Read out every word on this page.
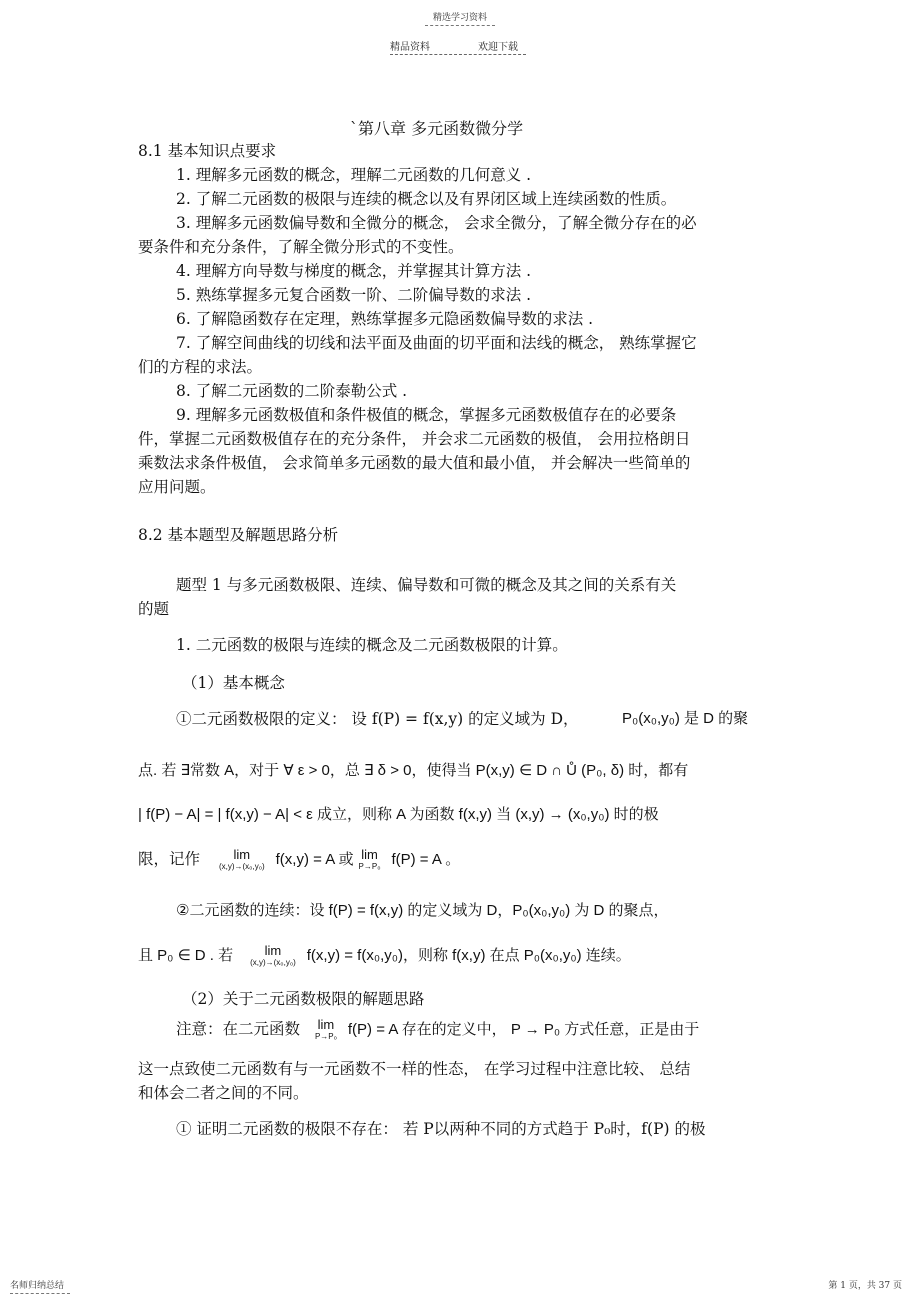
精选学习资料
精品资料	欢迎下载
`第八章 多元函数微分学
8.1 基本知识点要求
1. 理解多元函数的概念，理解二元函数的几何意义 .
2. 了解二元函数的极限与连续的概念以及有界闭区域上连续函数的性质。
3. 理解多元函数偏导数和全微分的概念， 会求全微分，了解全微分存在的必
要条件和充分条件，了解全微分形式的不变性。
4. 理解方向导数与梯度的概念，并掌握其计算方法 .
5. 熟练掌握多元复合函数一阶、二阶偏导数的求法 .
6. 了解隐函数存在定理，熟练掌握多元隐函数偏导数的求法 .
7. 了解空间曲线的切线和法平面及曲面的切平面和法线的概念， 熟练掌握它
们的方程的求法。
8. 了解二元函数的二阶泰勒公式 .
9. 理解多元函数极值和条件极值的概念，掌握多元函数极值存在的必要条
件，掌握二元函数极值存在的充分条件， 并会求二元函数的极值， 会用拉格朗日
乘数法求条件极值， 会求简单多元函数的最大值和最小值， 并会解决一些简单的
应用问题。
8.2 基本题型及解题思路分析
题型 1 与多元函数极限、连续、偏导数和可微的概念及其之间的关系有关
的题
1. 二元函数的极限与连续的概念及二元函数极限的计算。
（1）基本概念
①二元函数极限的定义： 设 f(P) = f(x,y) 的定义域为 D，	P₀(x₀,y₀) 是 D 的聚
点. 若 ∃常数 A，对于 ∀ ε > 0，总 ∃ δ > 0，使得当 P(x,y) ∈ D ∩ Ů (P₀, δ) 时，都有
| f(P) − A| = | f(x,y) − A| < ε 成立，则称 A 为函数 f(x,y) 当 (x,y) → (x₀,y₀) 时的极
限，记作	lim
(x,y)→(x₀,y₀) f(x,y) = A 或 lim
P→P₀ f(P) = A 。
②二元函数的连续：设 f(P) = f(x,y) 的定义域为 D，P₀(x₀,y₀) 为 D 的聚点，
且 P₀ ∈ D . 若	lim
(x,y)→(x₀,y₀) f(x,y) = f(x₀,y₀)，则称 f(x,y) 在点 P₀(x₀,y₀) 连续。
（2）关于二元函数极限的解题思路
注意：在二元函数 lim
P→P₀ f(P) = A 存在的定义中， P → P₀ 方式任意，正是由于
这一点致使二元函数有与一元函数不一样的性态， 在学习过程中注意比较、 总结
和体会二者之间的不同。
① 证明二元函数的极限不存在： 若 P以两种不同的方式趋于 P₀时，f(P) 的极
名师归纳总结	第 1 页，共 37 页
